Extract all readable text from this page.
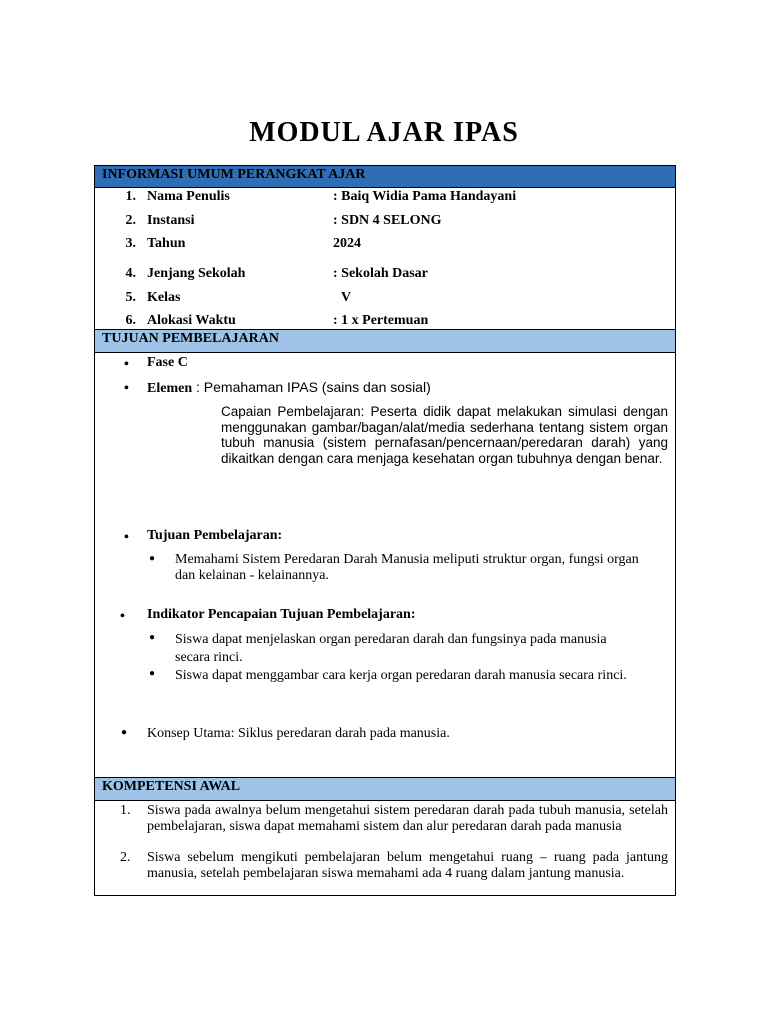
MODUL AJAR IPAS
INFORMASI UMUM PERANGKAT AJAR
1. Nama Penulis	: Baiq Widia Pama Handayani
2. Instansi	: SDN 4 SELONG
3. Tahun	2024
4. Jenjang Sekolah	: Sekolah Dasar
5. Kelas	V
6. Alokasi Waktu	: 1 x Pertemuan
TUJUAN PEMBELAJARAN
• Fase C
• Elemen : Pemahaman IPAS (sains dan sosial)
Capaian Pembelajaran: Peserta didik dapat melakukan simulasi dengan menggunakan gambar/bagan/alat/media sederhana tentang sistem organ tubuh manusia (sistem pernafasan/pencernaan/peredaran darah) yang dikaitkan dengan cara menjaga kesehatan organ tubuhnya dengan benar.
• Tujuan Pembelajaran:
● Memahami Sistem Peredaran Darah Manusia meliputi struktur organ, fungsi organ dan kelainan - kelainannya.
• Indikator Pencapaian Tujuan Pembelajaran:
● Siswa dapat menjelaskan organ peredaran darah dan fungsinya pada manusia secara rinci.
● Siswa dapat menggambar cara kerja organ peredaran darah manusia secara rinci.
● Konsep Utama: Siklus peredaran darah pada manusia.
KOMPETENSI AWAL
1. Siswa pada awalnya belum mengetahui sistem peredaran darah pada tubuh manusia, setelah pembelajaran, siswa dapat memahami sistem dan alur peredaran darah pada manusia
2. Siswa sebelum mengikuti pembelajaran belum mengetahui ruang – ruang pada jantung manusia, setelah pembelajaran siswa memahami ada 4 ruang dalam jantung manusia.
